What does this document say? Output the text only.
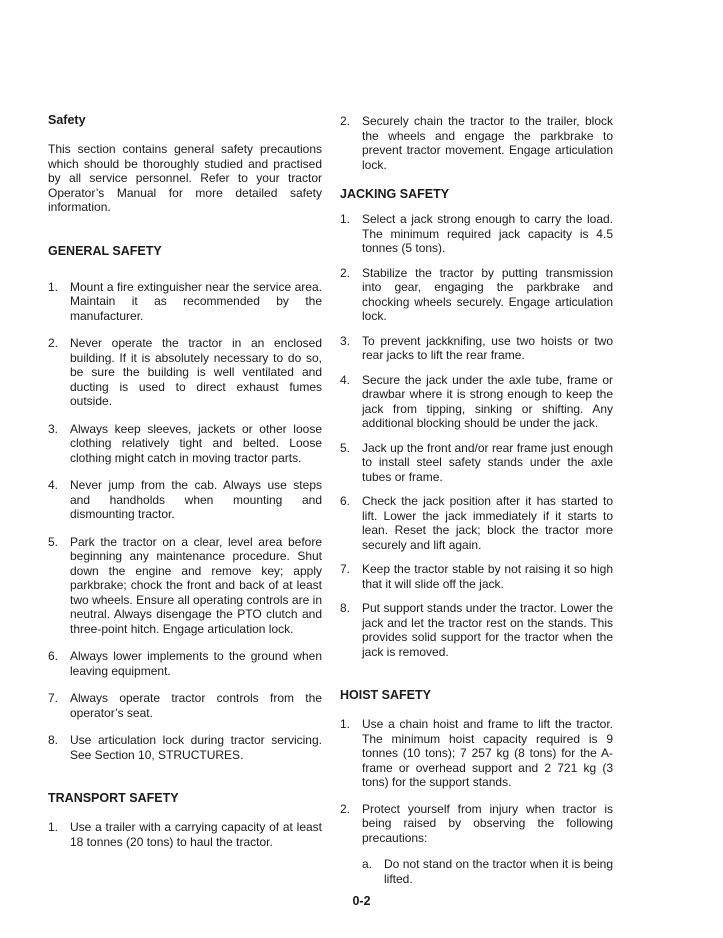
Safety

This section contains general safety precautions which should be thoroughly studied and practised by all service personnel. Refer to your tractor Operator’s Manual for more detailed safety information.

GENERAL SAFETY

1. Mount a fire extinguisher near the service area. Maintain it as recommended by the manufacturer.
2. Never operate the tractor in an enclosed building. If it is absolutely necessary to do so, be sure the building is well ventilated and ducting is used to direct exhaust fumes outside.
3. Always keep sleeves, jackets or other loose clothing relatively tight and belted. Loose clothing might catch in moving tractor parts.
4. Never jump from the cab. Always use steps and handholds when mounting and dismounting tractor.
5. Park the tractor on a clear, level area before beginning any maintenance procedure. Shut down the engine and remove key; apply parkbrake; chock the front and back of at least two wheels. Ensure all operating controls are in neutral. Always disengage the PTO clutch and three-point hitch. Engage articulation lock.
6. Always lower implements to the ground when leaving equipment.
7. Always operate tractor controls from the operator’s seat.
8. Use articulation lock during tractor servicing. See Section 10, STRUCTURES.

TRANSPORT SAFETY

1. Use a trailer with a carrying capacity of at least 18 tonnes (20 tons) to haul the tractor.
2. Securely chain the tractor to the trailer, block the wheels and engage the parkbrake to prevent tractor movement. Engage articulation lock.

JACKING SAFETY

1. Select a jack strong enough to carry the load. The minimum required jack capacity is 4.5 tonnes (5 tons).
2. Stabilize the tractor by putting transmission into gear, engaging the parkbrake and chocking wheels securely. Engage articulation lock.
3. To prevent jackknifing, use two hoists or two rear jacks to lift the rear frame.
4. Secure the jack under the axle tube, frame or drawbar where it is strong enough to keep the jack from tipping, sinking or shifting. Any additional blocking should be under the jack.
5. Jack up the front and/or rear frame just enough to install steel safety stands under the axle tubes or frame.
6. Check the jack position after it has started to lift. Lower the jack immediately if it starts to lean. Reset the jack; block the tractor more securely and lift again.
7. Keep the tractor stable by not raising it so high that it will slide off the jack.
8. Put support stands under the tractor. Lower the jack and let the tractor rest on the stands. This provides solid support for the tractor when the jack is removed.

HOIST SAFETY

1. Use a chain hoist and frame to lift the tractor. The minimum hoist capacity required is 9 tonnes (10 tons); 7 257 kg (8 tons) for the A-frame or overhead support and 2 721 kg (3 tons) for the support stands.
2. Protect yourself from injury when tractor is being raised by observing the following precautions:
a. Do not stand on the tractor when it is being lifted.
0-2
